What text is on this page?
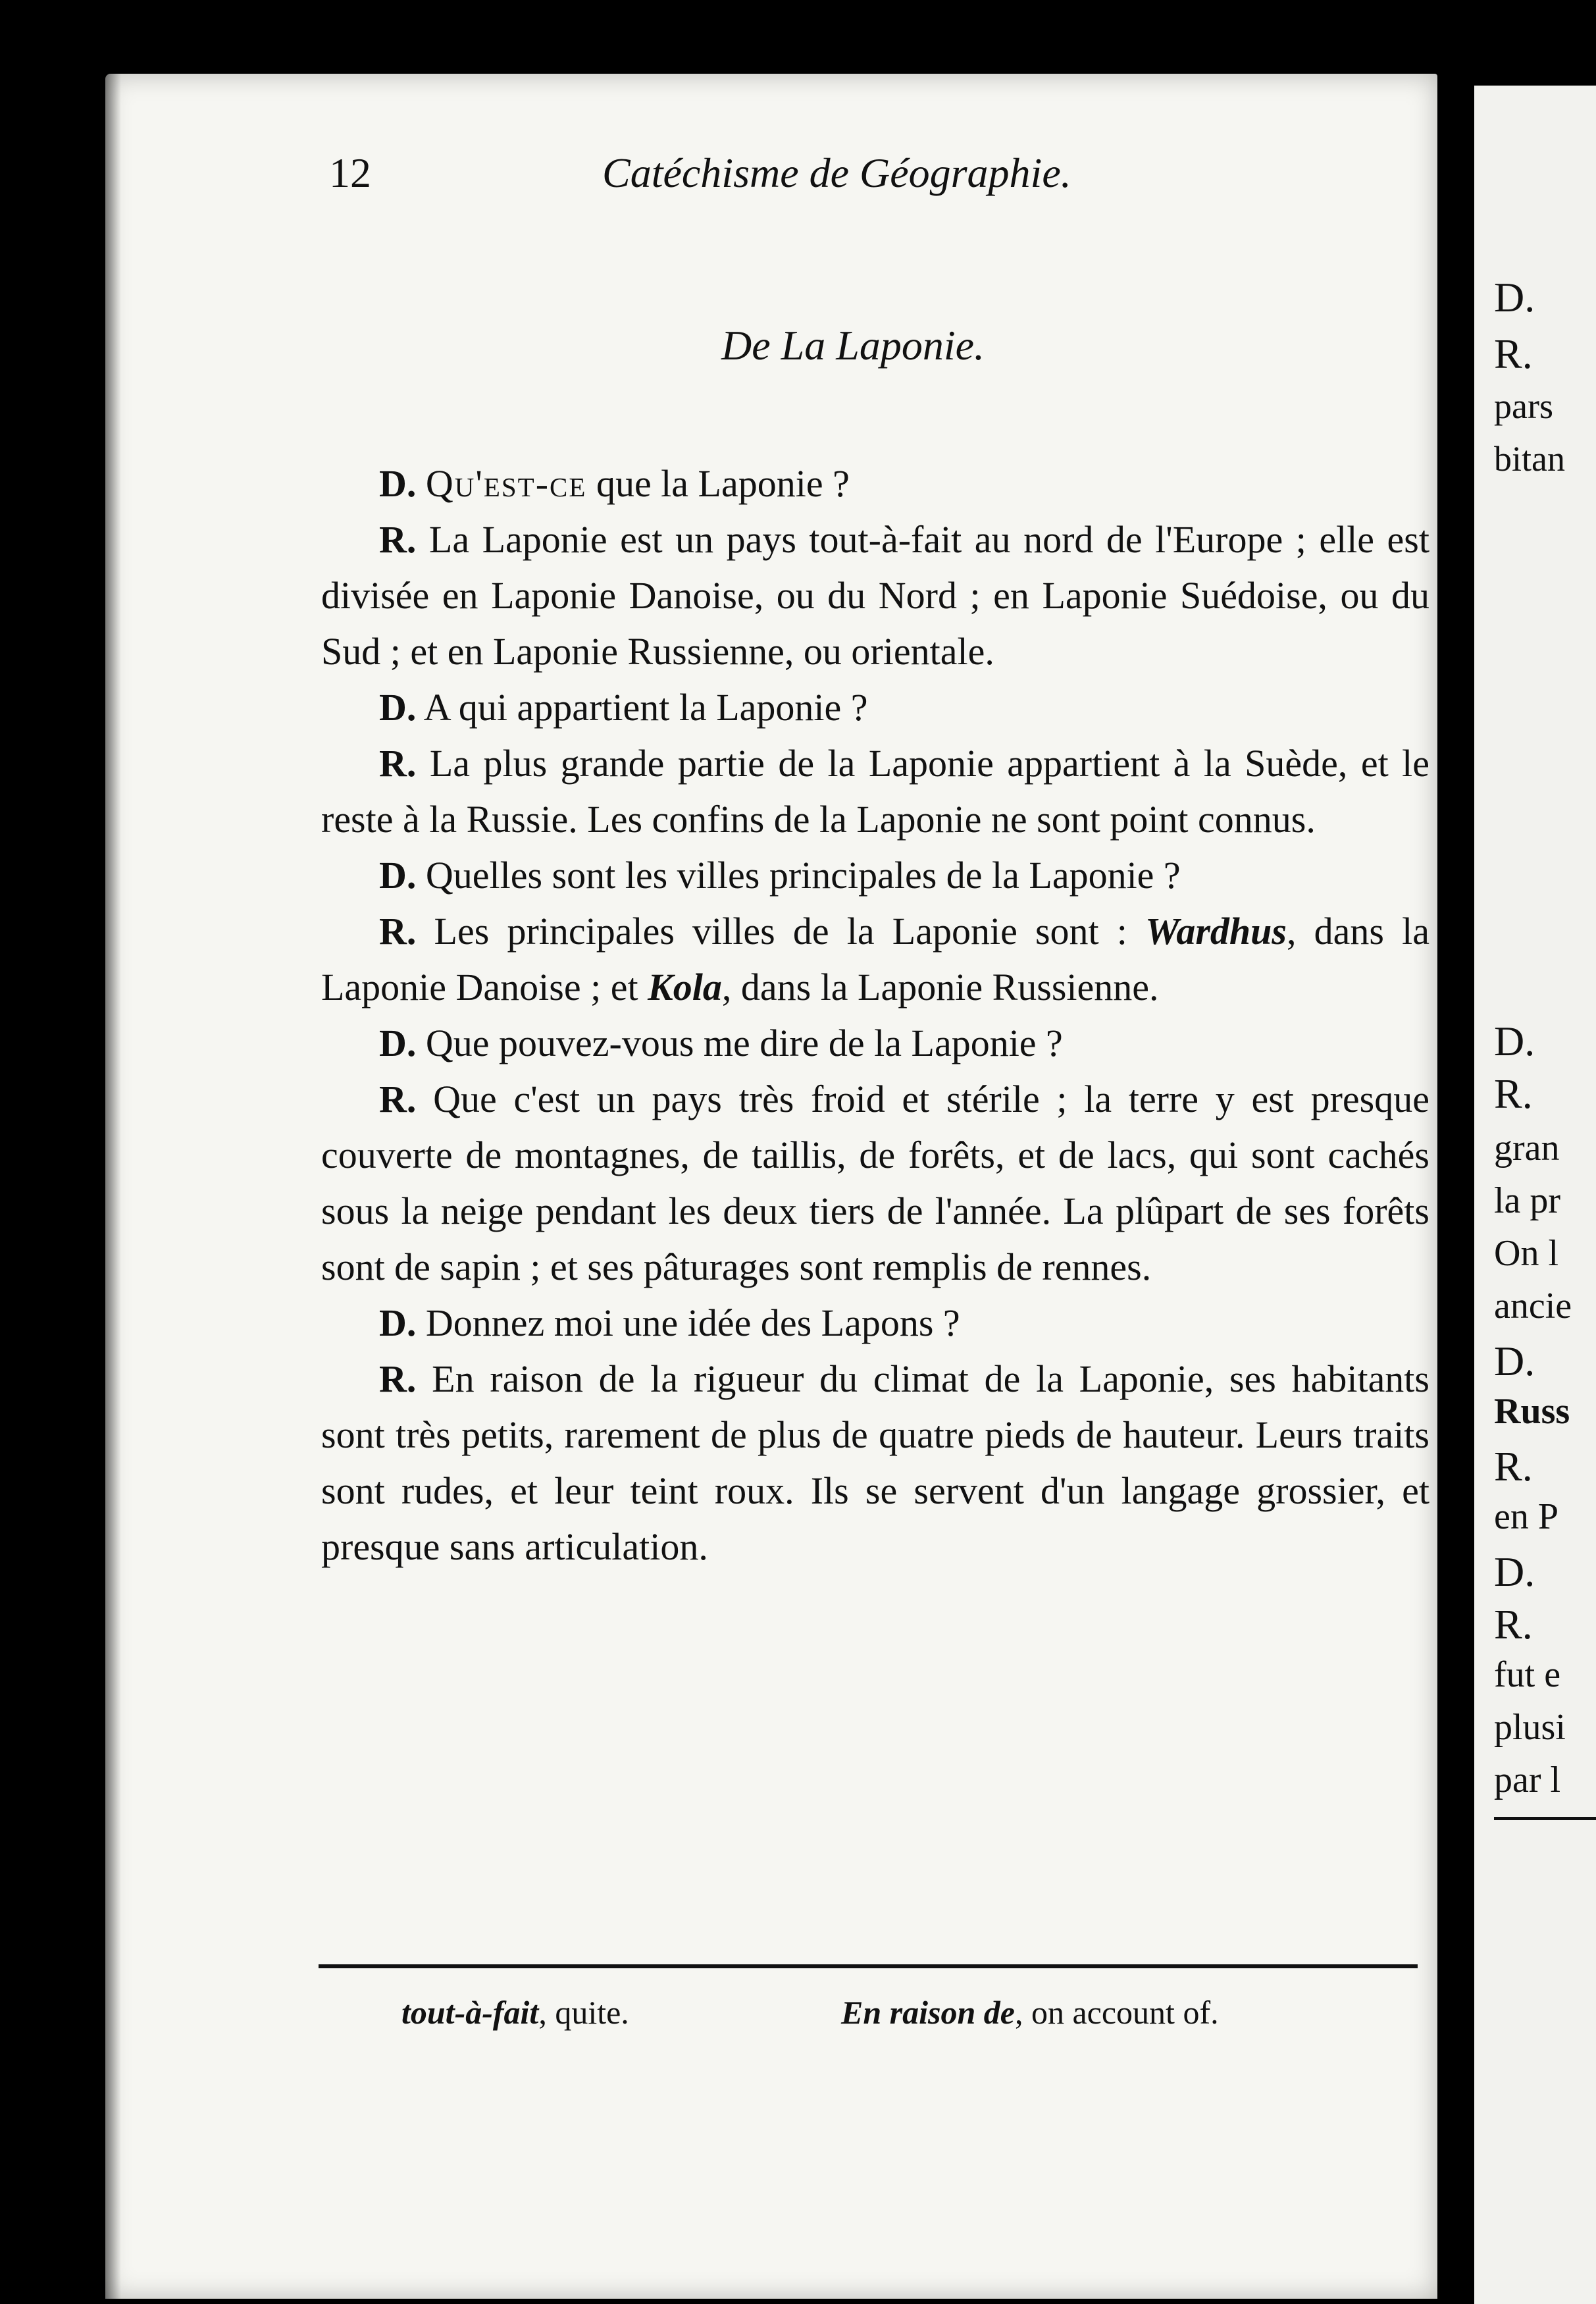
D.
R.
pars
bitan
D.
R.
gran
la pr
On l
ancie
D.
Russ
R.
en P
D.
R.
fut e
plusi
par l
12	Catéchisme de Géographie.
De La Laponie.

D. Qu'est-ce que la Laponie ?

R. La Laponie est un pays tout-à-fait au nord de l'Europe ; elle est divisée en Laponie Danoise, ou du Nord ; en Laponie Suédoise, ou du Sud ; et en Laponie Russienne, ou orientale.

D. A qui appartient la Laponie ?

R. La plus grande partie de la Laponie appartient à la Suède, et le reste à la Russie. Les confins de la Laponie ne sont point connus.

D. Quelles sont les villes principales de la Laponie ?

R. Les principales villes de la Laponie sont : Wardhus, dans la Laponie Danoise ; et Kola, dans la Laponie Russienne.

D. Que pouvez-vous me dire de la Laponie ?

R. Que c'est un pays très froid et stérile ; la terre y est presque couverte de montagnes, de taillis, de forêts, et de lacs, qui sont cachés sous la neige pendant les deux tiers de l'année. La plûpart de ses forêts sont de sapin ; et ses pâturages sont remplis de rennes.

D. Donnez moi une idée des Lapons ?

R. En raison de la rigueur du climat de la Laponie, ses habitants sont très petits, rarement de plus de quatre pieds de hauteur. Leurs traits sont rudes, et leur teint roux. Ils se servent d'un langage grossier, et presque sans articulation.

tout-à-fait, quite.	En raison de, on account of.
